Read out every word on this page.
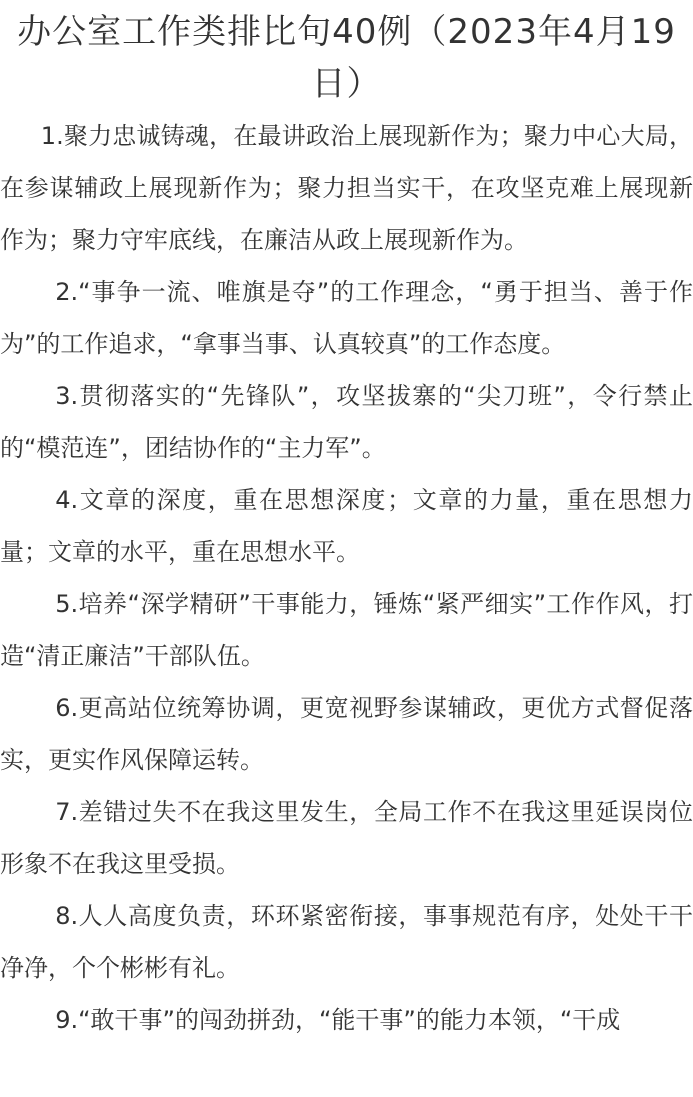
办公室工作类排比句40例（2023年4月19日）

1.聚力忠诚铸魂，在最讲政治上展现新作为；聚力中心大局，在参谋辅政上展现新作为；聚力担当实干，在攻坚克难上展现新作为；聚力守牢底线，在廉洁从政上展现新作为。

2.“事争一流、唯旗是夺”的工作理念，“勇于担当、善于作为”的工作追求，“拿事当事、认真较真”的工作态度。

3.贯彻落实的“先锋队”，攻坚拔寨的“尖刀班”，令行禁止的“模范连”，团结协作的“主力军”。

4.文章的深度，重在思想深度；文章的力量，重在思想力量；文章的水平，重在思想水平。

5.培养“深学精研”干事能力，锤炼“紧严细实”工作作风，打造“清正廉洁”干部队伍。

6.更高站位统筹协调，更宽视野参谋辅政，更优方式督促落实，更实作风保障运转。

7.差错过失不在我这里发生，全局工作不在我这里延误岗位形象不在我这里受损。

8.人人高度负责，环环紧密衔接，事事规范有序，处处干干净净，个个彬彬有礼。

9.“敢干事”的闯劲拼劲，“能干事”的能力本领，“干成
